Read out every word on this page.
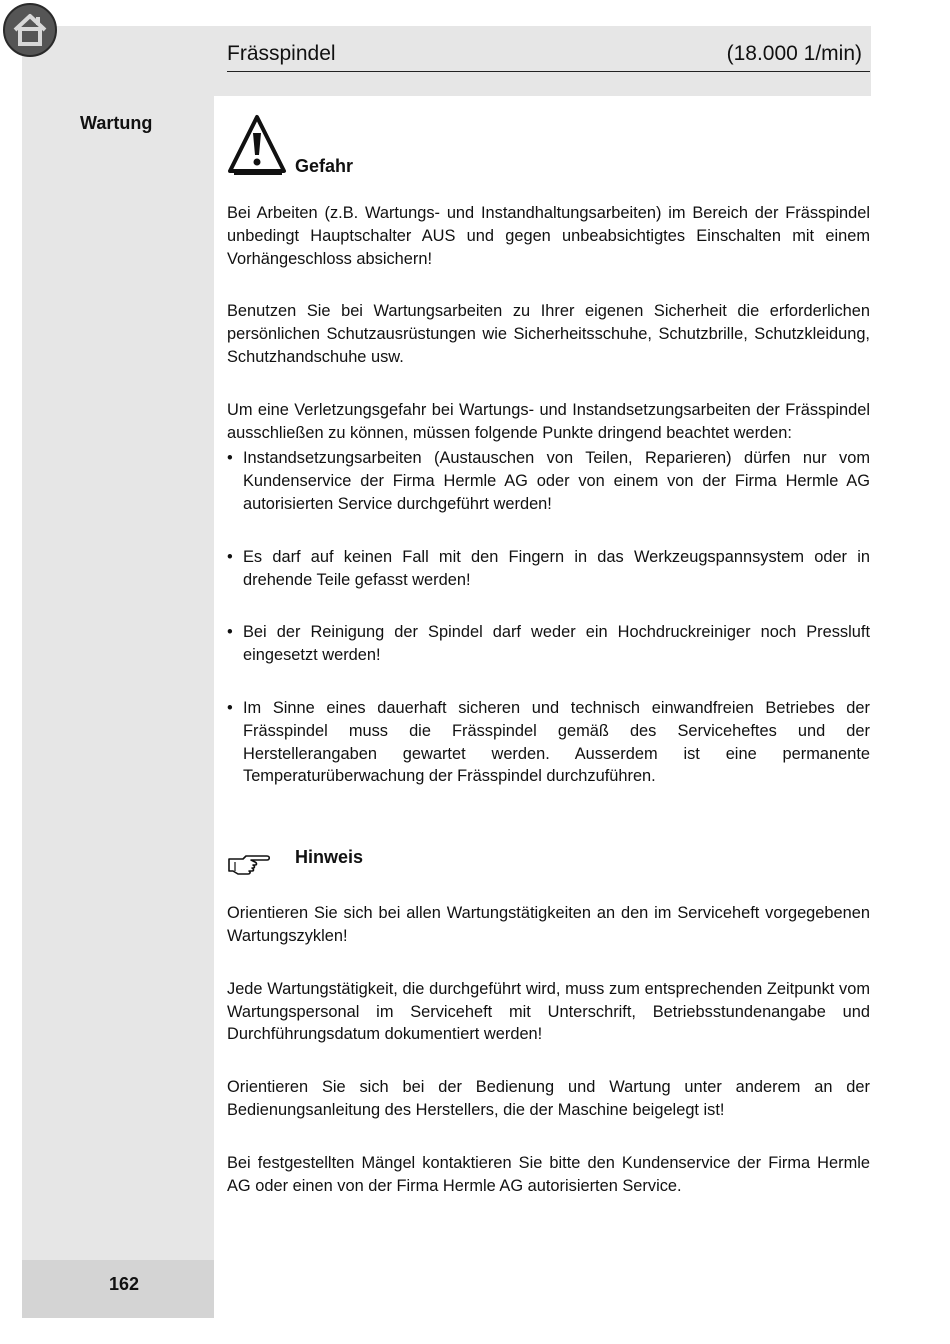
Frässpindel	(18.000 1/min)
Wartung
162
Gefahr

Bei Arbeiten (z.B. Wartungs- und Instandhaltungsarbeiten) im Bereich der Frässpindel unbedingt Hauptschalter AUS und gegen unbeabsichtigtes Einschalten mit einem Vorhängeschloss absichern!

Benutzen Sie bei Wartungsarbeiten zu Ihrer eigenen Sicherheit die erforderlichen persönlichen Schutzausrüstungen wie Sicherheitsschuhe, Schutzbrille, Schutzkleidung, Schutzhandschuhe usw.

Um eine Verletzungsgefahr bei Wartungs- und Instandsetzungsarbeiten der Frässpindel ausschließen zu können, müssen folgende Punkte dringend beachtet werden:

• Instandsetzungsarbeiten (Austauschen von Teilen, Reparieren) dürfen nur vom Kundenservice der Firma Hermle AG oder von einem von der Firma Hermle AG autorisierten Service durchgeführt werden!

• Es darf auf keinen Fall mit den Fingern in das Werkzeugspannsystem oder in drehende Teile gefasst werden!

• Bei der Reinigung der Spindel darf weder ein Hochdruckreiniger noch Pressluft eingesetzt werden!

• Im Sinne eines dauerhaft sicheren und technisch einwandfreien Betriebes der Frässpindel muss die Frässpindel gemäß des Serviceheftes und der Herstellerangaben gewartet werden. Ausserdem ist eine permanente Temperaturüberwachung der Frässpindel durchzuführen.

Hinweis

Orientieren Sie sich bei allen Wartungstätigkeiten an den im Serviceheft vorgegebenen Wartungszyklen!

Jede Wartungstätigkeit, die durchgeführt wird, muss zum entsprechenden Zeitpunkt vom Wartungspersonal im Serviceheft mit Unterschrift, Betriebsstundenangabe und Durchführungsdatum dokumentiert werden!

Orientieren Sie sich bei der Bedienung und Wartung unter anderem an der Bedienungsanleitung des Herstellers, die der Maschine beigelegt ist!

Bei festgestellten Mängel kontaktieren Sie bitte den Kundenservice der Firma Hermle AG oder einen von der Firma Hermle AG autorisierten Service.
